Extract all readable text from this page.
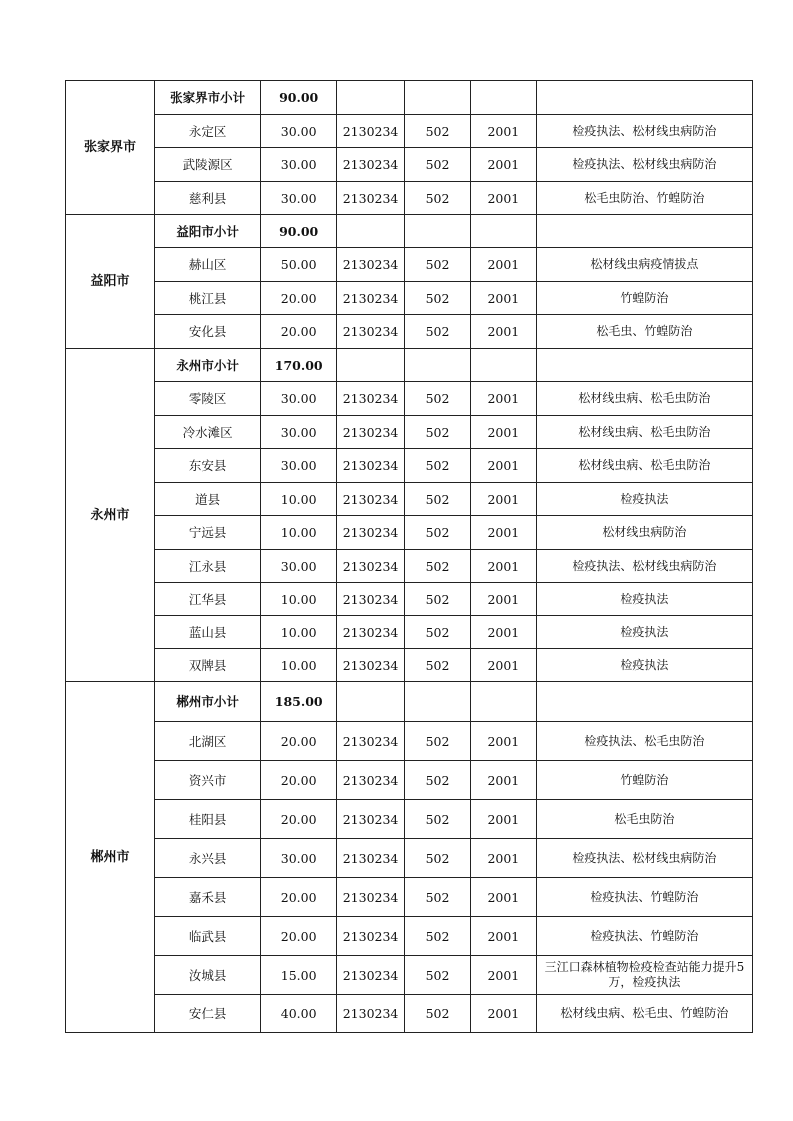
张家界市	张家界市小计	90.00				
	永定区	30.00	2130234	502	2001	检疫执法、松材线虫病防治
	武陵源区	30.00	2130234	502	2001	检疫执法、松材线虫病防治
	慈利县	30.00	2130234	502	2001	松毛虫防治、竹蝗防治
益阳市	益阳市小计	90.00				
	赫山区	50.00	2130234	502	2001	松材线虫病疫情拔点
	桃江县	20.00	2130234	502	2001	竹蝗防治
	安化县	20.00	2130234	502	2001	松毛虫、竹蝗防治
永州市	永州市小计	170.00				
	零陵区	30.00	2130234	502	2001	松材线虫病、松毛虫防治
	冷水滩区	30.00	2130234	502	2001	松材线虫病、松毛虫防治
	东安县	30.00	2130234	502	2001	松材线虫病、松毛虫防治
	道县	10.00	2130234	502	2001	检疫执法
	宁远县	10.00	2130234	502	2001	松材线虫病防治
	江永县	30.00	2130234	502	2001	检疫执法、松材线虫病防治
	江华县	10.00	2130234	502	2001	检疫执法
	蓝山县	10.00	2130234	502	2001	检疫执法
	双牌县	10.00	2130234	502	2001	检疫执法
郴州市	郴州市小计	185.00				
	北湖区	20.00	2130234	502	2001	检疫执法、松毛虫防治
	资兴市	20.00	2130234	502	2001	竹蝗防治
	桂阳县	20.00	2130234	502	2001	松毛虫防治
	永兴县	30.00	2130234	502	2001	检疫执法、松材线虫病防治
	嘉禾县	20.00	2130234	502	2001	检疫执法、竹蝗防治
	临武县	20.00	2130234	502	2001	检疫执法、竹蝗防治
	汝城县	15.00	2130234	502	2001	三江口森林植物检疫检查站能力提升5万，检疫执法
	安仁县	40.00	2130234	502	2001	松材线虫病、松毛虫、竹蝗防治
